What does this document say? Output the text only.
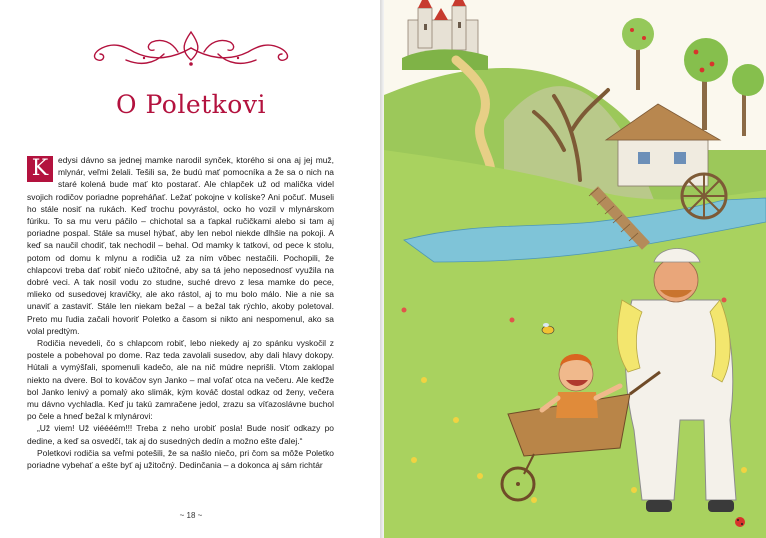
O Poletkovi

K	edysi dávno sa jednej mamke narodil synček, ktorého si ona aj jej muž, mlynár, veľmi želali. Tešili sa, že budú mať pomocníka a že sa o nich na staré kolená bude mať kto postarať. Ale chlapček už od malička videl svojich rodičov poriadne popreháňať. Ležať pokojne v kolíske? Ani počuť. Museli ho stále nosiť na rukách. Keď trochu povyrástol, ocko ho vozil v mlynárskom fúriku. To sa mu veru páčilo – chichotal sa a ťapkal ručičkami alebo si tam aj poriadne pospal. Stále sa musel hýbať, aby len nebol niekde dlhšie na pokoji. A keď sa naučil chodiť, tak nechodil – behal. Od mamky k tatkovi, od pece k stolu, potom od domu k mlynu a rodičia už za ním vôbec nestačili. Pochopili, že chlapcovi treba dať robiť niečo užitočné, aby sa tá jeho neposednosť využila na dobré veci. A tak nosil vodu zo studne, suché drevo z lesa mamke do pece, mlieko od susedovej kravičky, ale ako rástol, aj to mu bolo málo. Nie a nie sa unaviť a zastaviť. Stále len niekam bežal – a bežal tak rýchlo, akoby poletoval. Preto mu ľudia začali hovoriť Poletko a časom si nikto ani nespomenul, ako sa volal predtým.

Rodičia nevedeli, čo s chlapcom robiť, lebo niekedy aj zo spánku vyskočil z postele a pobehoval po dome. Raz teda zavolali susedov, aby dali hlavy dokopy. Hútali a vymýšľali, spomenuli kadečo, ale na nič múdre neprišli. Vtom zaklopal niekto na dvere. Bol to kováčov syn Janko – mal voľať otca na večeru. Ale keďže bol Janko lenivý a pomalý ako slimák, kým kováč dostal odkaz od ženy, večera mu dávno vychladla. Keď ju takú zamračene jedol, zrazu sa víťazoslávne buchol po čele a hneď bežal k mlynárovi:

„Už viem! Už viéééém!!! Treba z neho urobiť posla! Bude nosiť odkazy po dedine, a keď sa osvedčí, tak aj do susedných dedín a možno ešte ďalej.“

Poletkovi rodičia sa veľmi potešili, že sa našlo niečo, pri čom sa môže Poletko poriadne vybehať a ešte byť aj užitočný. Dedinčania – a dokonca aj sám richtár

~ 18 ~
